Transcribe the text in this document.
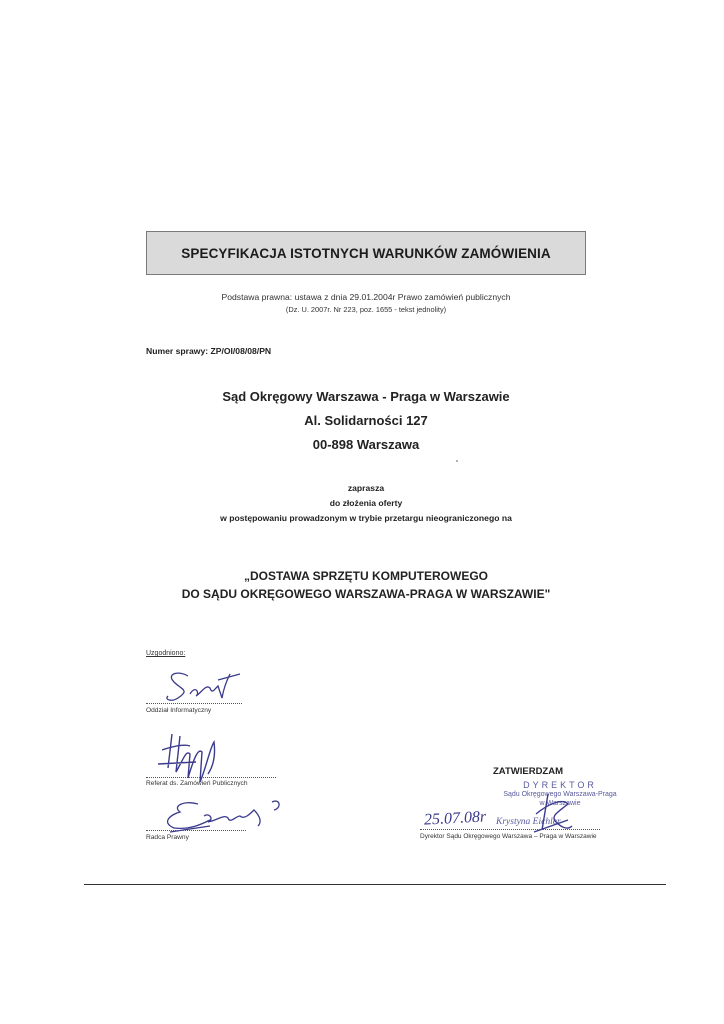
SPECYFIKACJA ISTOTNYCH WARUNKÓW ZAMÓWIENIA
Podstawa prawna: ustawa z dnia 29.01.2004r Prawo zamówień publicznych
(Dz. U. 2007r. Nr 223, poz. 1655 - tekst jednolity)
Numer sprawy: ZP/OI/08/08/PN
Sąd Okręgowy Warszawa - Praga w Warszawie
Al. Solidarności 127
00-898 Warszawa
zaprasza
do złożenia oferty
w postępowaniu prowadzonym w trybie przetargu nieograniczonego na
„DOSTAWA SPRZĘTU KOMPUTEROWEGO
DO SĄDU OKRĘGOWEGO WARSZAWA-PRAGA W WARSZAWIE"
Uzgodniono:
Oddział Informatyczny
Referat ds. Zamówień Publicznych
Radca Prawny
ZATWIERDZAM
DYREKTOR
Sądu Okręgowego Warszawa-Praga
w Warszawie
25.07.08r Krystyna Eichler
Dyrektor Sądu Okręgowego Warszawa – Praga w Warszawie
